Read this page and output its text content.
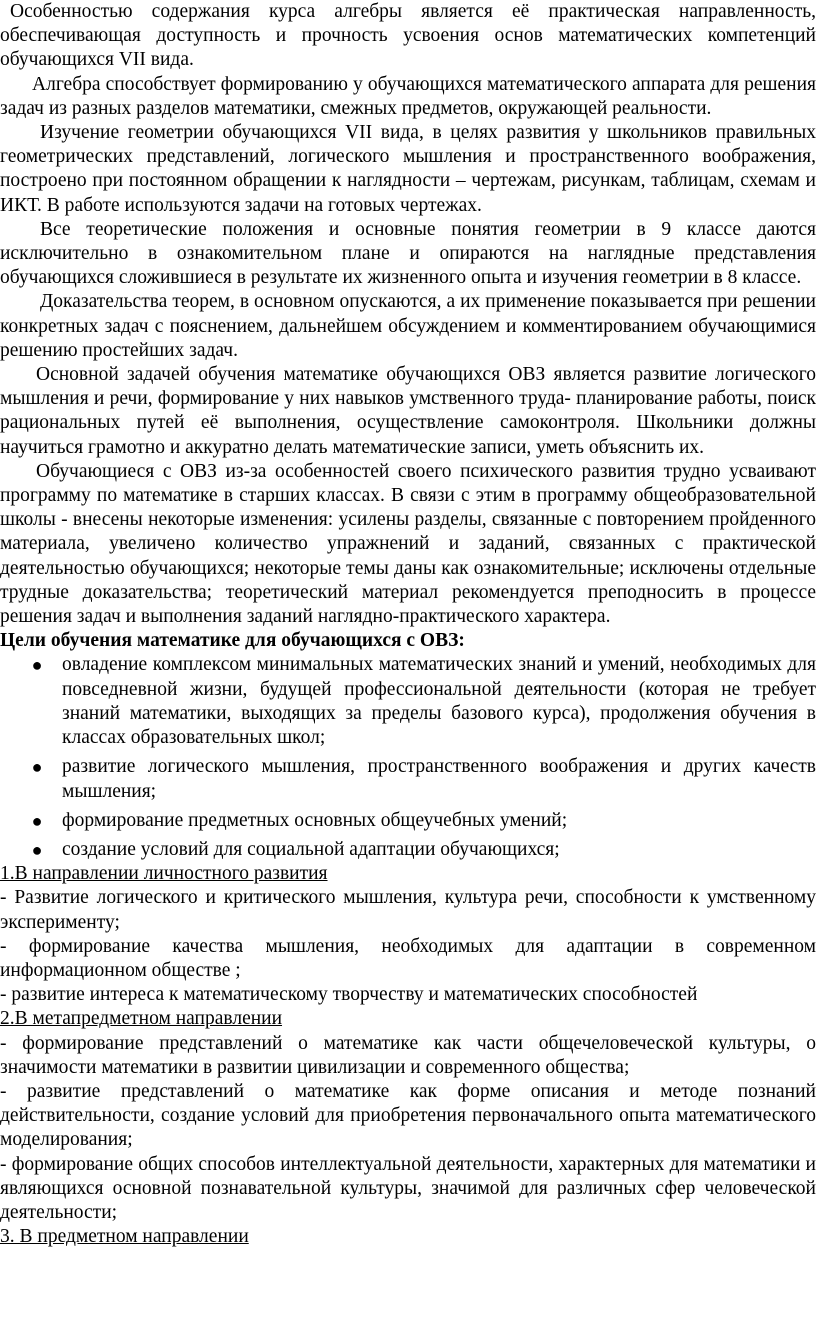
Особенностью содержания курса алгебры является её практическая направленность, обеспечивающая доступность и прочность усвоения основ математических компетенций обучающихся VII вида.

Алгебра способствует формированию у обучающихся математического аппарата для решения задач из разных разделов математики, смежных предметов, окружающей реальности.

Изучение геометрии обучающихся VII вида, в целях развития у школьников правильных геометрических представлений, логического мышления и пространственного воображения, построено при постоянном обращении к наглядности – чертежам, рисункам, таблицам, схемам и ИКТ. В работе используются задачи на готовых чертежах.

Все теоретические положения и основные понятия геометрии в 9 классе даются исключительно в ознакомительном плане и опираются на наглядные представления обучающихся сложившиеся в результате их жизненного опыта и изучения геометрии в 8 классе.

Доказательства теорем, в основном опускаются, а их применение показывается при решении конкретных задач с пояснением, дальнейшем обсуждением и комментированием обучающимися решению простейших задач.

Основной задачей обучения математике обучающихся ОВЗ является развитие логического мышления и речи, формирование у них навыков умственного труда- планирование работы, поиск рациональных путей её выполнения, осуществление самоконтроля. Школьники должны научиться грамотно и аккуратно делать математические записи, уметь объяснить их.

Обучающиеся с ОВЗ из-за особенностей своего психического развития трудно усваивают программу по математике в старших классах. В связи с этим в программу общеобразовательной школы - внесены некоторые изменения: усилены разделы, связанные с повторением пройденного материала, увеличено количество упражнений и заданий, связанных с практической деятельностью обучающихся; некоторые темы даны как ознакомительные; исключены отдельные трудные доказательства; теоретический материал рекомендуется преподносить в процессе решения задач и выполнения заданий наглядно-практического характера.

Цели обучения математике для обучающихся с ОВЗ:

● овладение комплексом минимальных математических знаний и умений, необходимых для повседневной жизни, будущей профессиональной деятельности (которая не требует знаний математики, выходящих за пределы базового курса), продолжения обучения в классах образовательных школ;
● развитие логического мышления, пространственного воображения и других качеств мышления;
● формирование предметных основных общеучебных умений;
● создание условий для социальной адаптации обучающихся;

1.В направлении личностного развития

- Развитие логического и критического мышления, культура речи, способности к умственному эксперименту;

- формирование качества мышления, необходимых для адаптации в современном информационном обществе ;

- развитие интереса к математическому творчеству и математических способностей

2.В метапредметном направлении

- формирование представлений о математике как части общечеловеческой культуры, о значимости математики в развитии цивилизации и современного общества;

- развитие представлений о математике как форме описания и методе познаний действительности, создание условий для приобретения первоначального опыта математического моделирования;

- формирование общих способов интеллектуальной деятельности, характерных для математики и являющихся основной познавательной культуры, значимой для различных сфер человеческой деятельности;

3. В предметном направлении
